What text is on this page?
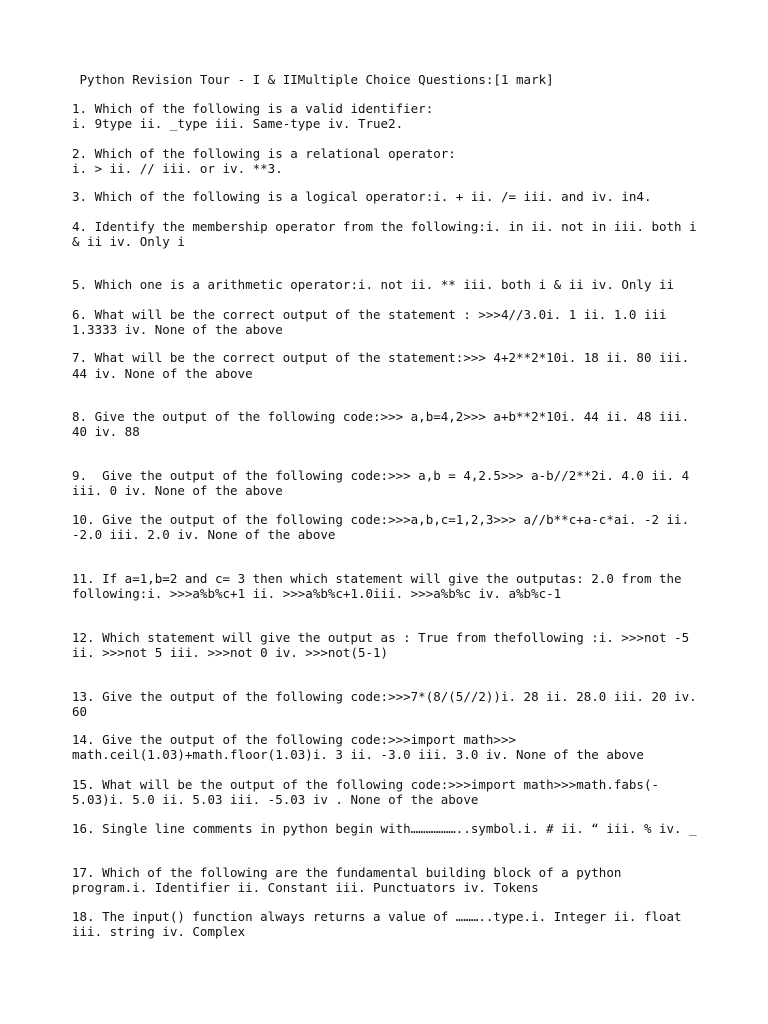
Python Revision Tour - I & IIMultiple Choice Questions:[1 mark]
1. Which of the following is a valid identifier:
i. 9type ii. _type iii. Same-type iv. True2.
2. Which of the following is a relational operator:
i. > ii. // iii. or iv. **3.
3. Which of the following is a logical operator:i. + ii. /= iii. and iv. in4.
4. Identify the membership operator from the following:i. in ii. not in iii. both i
& ii iv. Only i
5. Which one is a arithmetic operator:i. not ii. ** iii. both i & ii iv. Only ii
6. What will be the correct output of the statement : >>>4//3.0i. 1 ii. 1.0 iii
1.3333 iv. None of the above
7. What will be the correct output of the statement:>>> 4+2**2*10i. 18 ii. 80 iii.
44 iv. None of the above
8. Give the output of the following code:>>> a,b=4,2>>> a+b**2*10i. 44 ii. 48 iii.
40 iv. 88
9.  Give the output of the following code:>>> a,b = 4,2.5>>> a-b//2**2i. 4.0 ii. 4
iii. 0 iv. None of the above
10. Give the output of the following code:>>>a,b,c=1,2,3>>> a//b**c+a-c*ai. -2 ii.
-2.0 iii. 2.0 iv. None of the above
11. If a=1,b=2 and c= 3 then which statement will give the outputas: 2.0 from the
following:i. >>>a%b%c+1 ii. >>>a%b%c+1.0iii. >>>a%b%c iv. a%b%c-1
12. Which statement will give the output as : True from thefollowing :i. >>>not -5
ii. >>>not 5 iii. >>>not 0 iv. >>>not(5-1)
13. Give the output of the following code:>>>7*(8/(5//2))i. 28 ii. 28.0 iii. 20 iv.
60
14. Give the output of the following code:>>>import math>>>
math.ceil(1.03)+math.floor(1.03)i. 3 ii. -3.0 iii. 3.0 iv. None of the above
15. What will be the output of the following code:>>>import math>>>math.fabs(-
5.03)i. 5.0 ii. 5.03 iii. -5.03 iv . None of the above
16. Single line comments in python begin with………………..symbol.i. # ii. “ iii. % iv. _
17. Which of the following are the fundamental building block of a python
program.i. Identifier ii. Constant iii. Punctuators iv. Tokens
18. The input() function always returns a value of ………..type.i. Integer ii. float
iii. string iv. Complex
